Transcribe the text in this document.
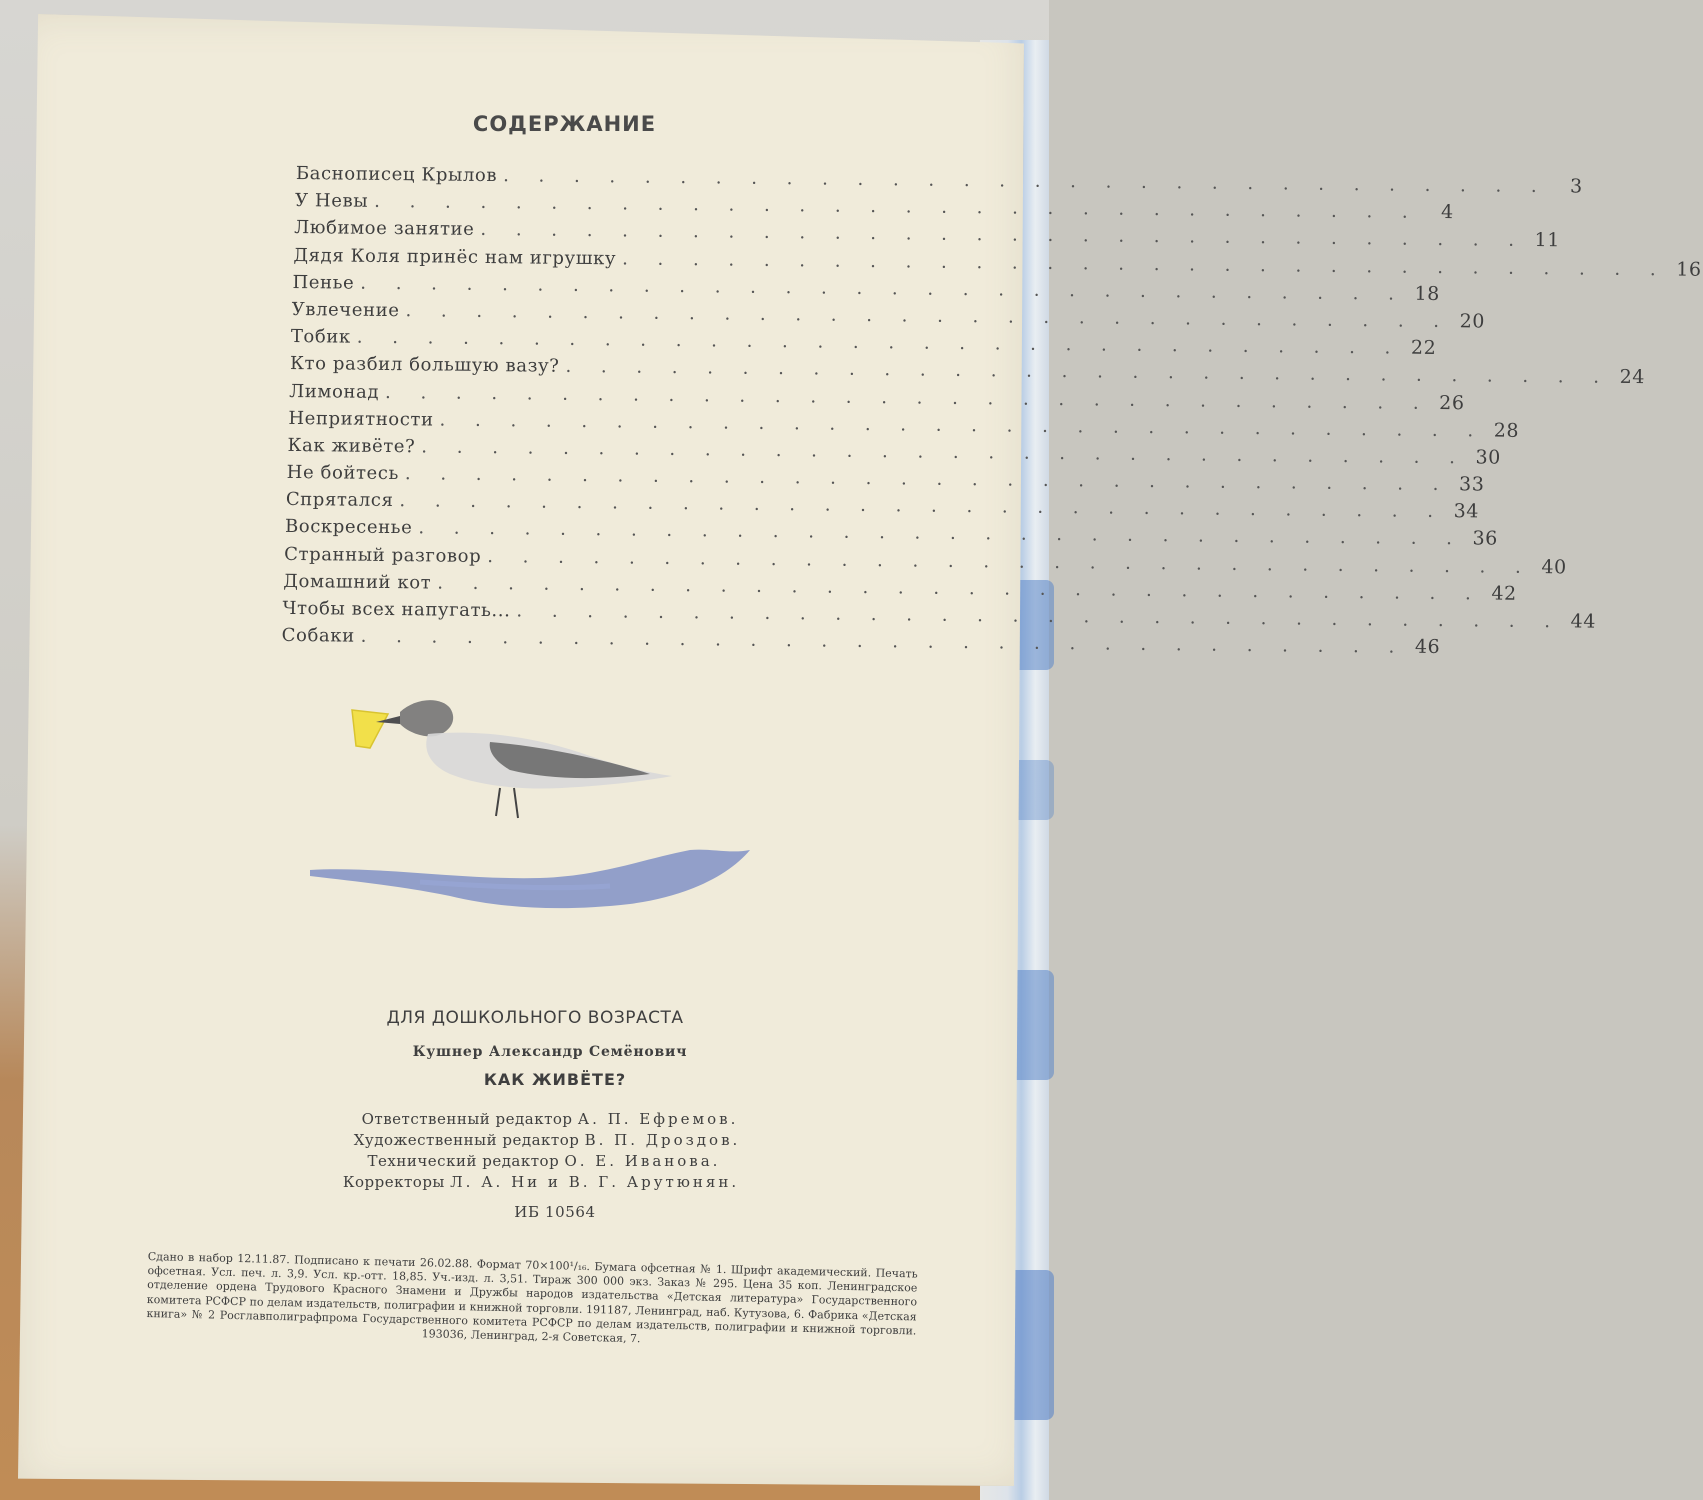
СОДЕРЖАНИЕ
Баснописец Крылов . . . . . . . . . . . . . . . . . . . . . . . . . . . . . .	3
У Невы . . . . . . . . . . . . . . . . . . . . . . . . . . . . . .	4
Любимое занятие . . . . . . . . . . . . . . . . . . . . . . . . . . . . . . 11
Дядя Коля принёс нам игрушку . . . . . . . . . . . . . . . . . . . . . . . . . . . . . . 16
Пенье . . . . . . . . . . . . . . . . . . . . . . . . . . . . . . 18
Увлечение . . . . . . . . . . . . . . . . . . . . . . . . . . . . . . 20
Тобик . . . . . . . . . . . . . . . . . . . . . . . . . . . . . . 22
Кто разбил большую вазу? . . . . . . . . . . . . . . . . . . . . . . . . . . . . . . 24
Лимонад . . . . . . . . . . . . . . . . . . . . . . . . . . . . . . 26
Неприятности . . . . . . . . . . . . . . . . . . . . . . . . . . . . . . 28
Как живёте? . . . . . . . . . . . . . . . . . . . . . . . . . . . . . . 30
Не бойтесь . . . . . . . . . . . . . . . . . . . . . . . . . . . . . . 33
Спрятался . . . . . . . . . . . . . . . . . . . . . . . . . . . . . . 34
Воскресенье . . . . . . . . . . . . . . . . . . . . . . . . . . . . . . 36
Странный разговор . . . . . . . . . . . . . . . . . . . . . . . . . . . . . . 40
Домашний кот . . . . . . . . . . . . . . . . . . . . . . . . . . . . . . 42
Чтобы всех напугать... . . . . . . . . . . . . . . . . . . . . . . . . . . . . . . 44
Собаки . . . . . . . . . . . . . . . . . . . . . . . . . . . . . . 46
ДЛЯ ДОШКОЛЬНОГО ВОЗРАСТА
Кушнер Александр Семёнович
КАК ЖИВЁТЕ?
Ответственный редактор А. П. Ефремов.
Художественный редактор В. П. Дроздов.
Технический редактор О. Е. Иванова.
Корректоры Л. А. Ни и В. Г. Арутюнян.
ИБ 10564
Сдано в набор 12.11.87. Подписано к печати 26.02.88. Формат 70×100¹/₁₆. Бумага офсетная № 1. Шрифт академический. Печать офсетная. Усл. печ. л. 3,9. Усл. кр.-отт. 18,85. Уч.-изд. л. 3,51. Тираж 300 000 экз. Заказ № 295. Цена 35 коп. Ленинградское отделение ордена Трудового Красного Знамени и Дружбы народов издательства «Детская литература» Государственного комитета РСФСР по делам издательств, полиграфии и книжной торговли. 191187, Ленинград, наб. Кутузова, 6. Фабрика «Детская книга» № 2 Росглавполиграфпрома Государственного комитета РСФСР по делам издательств, полиграфии и книжной торговли. 193036, Ленинград, 2-я Советская, 7.
